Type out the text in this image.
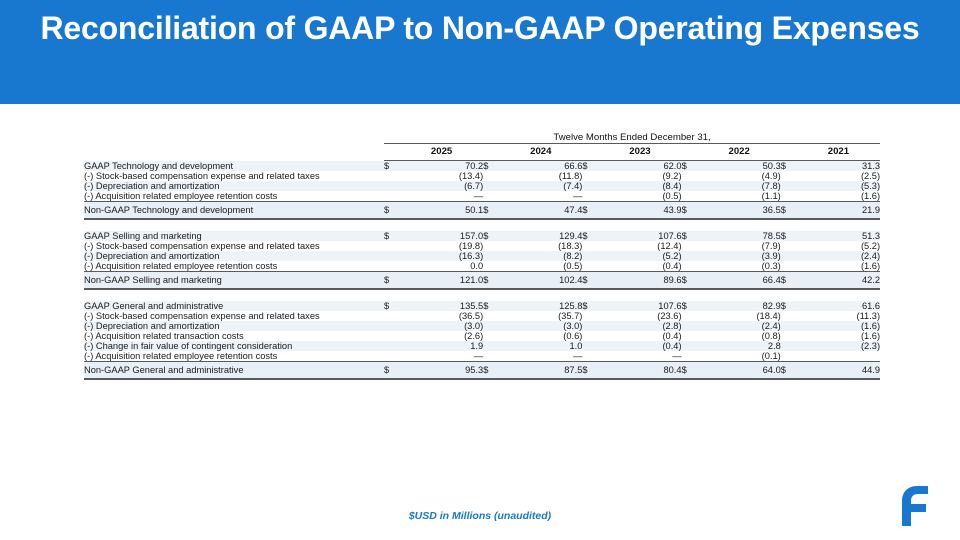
Reconciliation of GAAP to Non-GAAP Operating Expenses
	Twelve Months Ended December 31,									
		2025		2024		2023		2022		2021
GAAP Technology and development	$	70.2	$	66.6	$	62.0	$	50.3	$	31.3
(-) Stock-based compensation expense and related taxes		(13.4)		(11.8)		(9.2)		(4.9)		(2.5)
(-) Depreciation and amortization		(6.7)		(7.4)		(8.4)		(7.8)		(5.3)
(-) Acquisition related employee retention costs		—		—		(0.5)		(1.1)		(1.6)
Non-GAAP Technology and development	$	50.1	$	47.4	$	43.9	$	36.5	$	21.9

GAAP Selling and marketing	$	157.0	$	129.4	$	107.6	$	78.5	$	51.3
(-) Stock-based compensation expense and related taxes		(19.8)		(18.3)		(12.4)		(7.9)		(5.2)
(-) Depreciation and amortization		(16.3)		(8.2)		(5.2)		(3.9)		(2.4)
(-) Acquisition related employee retention costs		0.0		(0.5)		(0.4)		(0.3)		(1.6)
Non-GAAP Selling and marketing	$	121.0	$	102.4	$	89.6	$	66.4	$	42.2

GAAP General and administrative	$	135.5	$	125.8	$	107.6	$	82.9	$	61.6
(-) Stock-based compensation expense and related taxes		(36.5)		(35.7)		(23.6)		(18.4)		(11.3)
(-) Depreciation and amortization		(3.0)		(3.0)		(2.8)		(2.4)		(1.6)
(-) Acquisition related transaction costs		(2.6)		(0.6)		(0.4)		(0.8)		(1.6)
(-) Change in fair value of contingent consideration		1.9		1.0		(0.4)		2.8		(2.3)
(-) Acquisition related employee retention costs		—		—		—		(0.1)		
Non-GAAP General and administrative	$	95.3	$	87.5	$	80.4	$	64.0	$	44.9
$USD in Millions (unaudited)
